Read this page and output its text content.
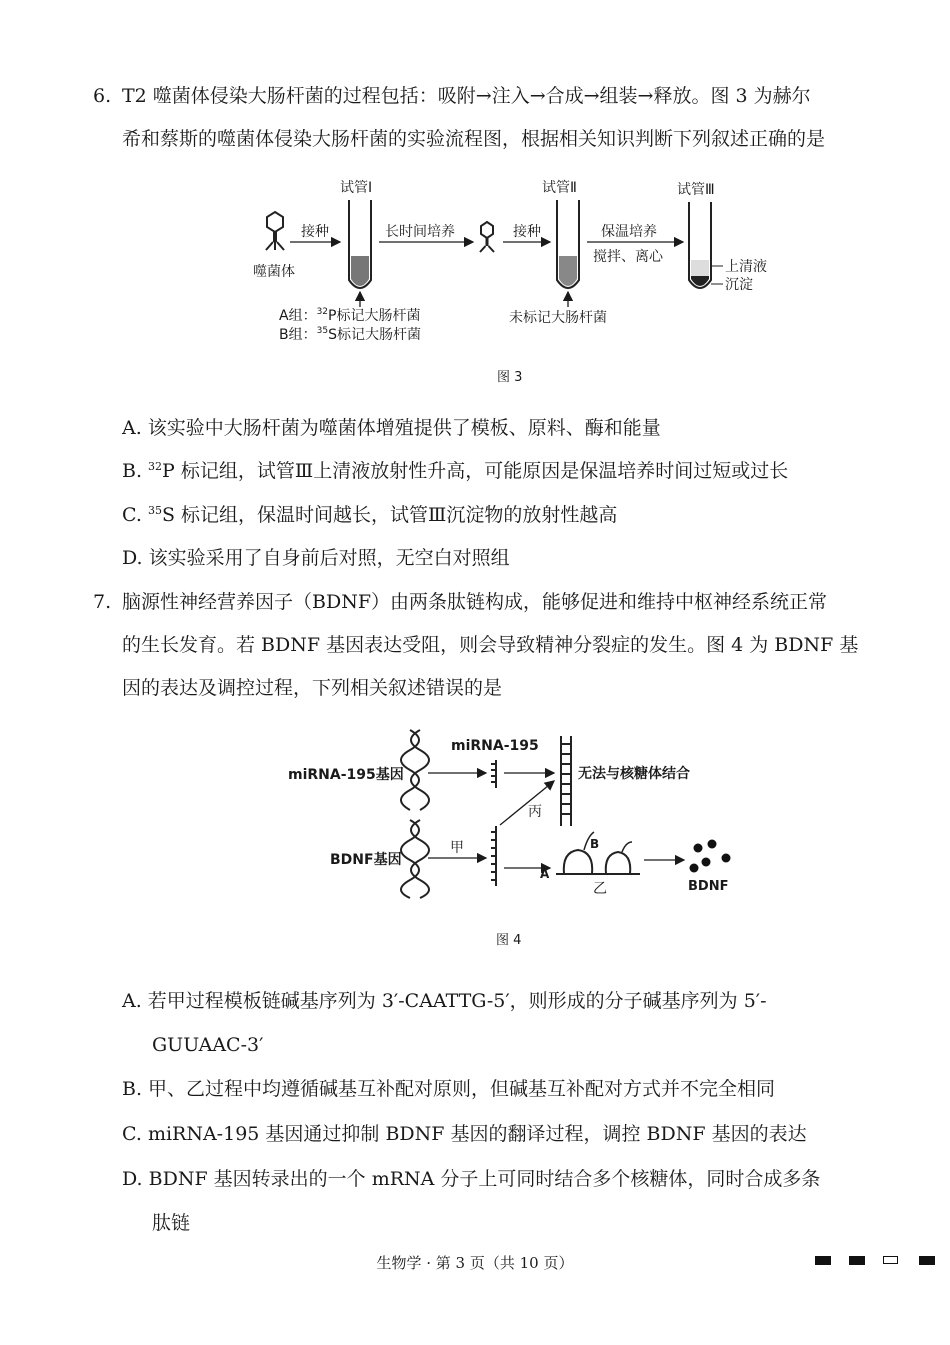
6. T2 噬菌体侵染大肠杆菌的过程包括：吸附→注入→合成→组装→释放。图 3 为赫尔
希和蔡斯的噬菌体侵染大肠杆菌的实验流程图，根据相关知识判断下列叙述正确的是
噬菌体
接种
试管Ⅰ
A组：$^{32}$P标记大肠杆菌
B组：$^{35}$S标记大肠杆菌
长时间培养	接种
试管Ⅱ
未标记大肠杆菌
保温培养
搅拌、离心
试管Ⅲ
上清液
沉淀
图 3
A. 该实验中大肠杆菌为噬菌体增殖提供了模板、原料、酶和能量
B. $^{32}$P 标记组，试管Ⅲ上清液放射性升高，可能原因是保温培养时间过短或过长
C. $^{35}$S 标记组，保温时间越长，试管Ⅲ沉淀物的放射性越高
D. 该实验采用了自身前后对照，无空白对照组
7. 脑源性神经营养因子（BDNF）由两条肽链构成，能够促进和维持中枢神经系统正常
的生长发育。若 BDNF 基因表达受阻，则会导致精神分裂症的发生。图 4 为 BDNF 基
因的表达及调控过程，下列相关叙述错误的是
miRNA-195基因
miRNA-195
无法与核糖体结合
丙
BDNF基因
甲
A
B
乙	BDNF
图 4
A. 若甲过程模板链碱基序列为 3′-CAATTG-5′，则形成的分子碱基序列为 5′-
GUUAAC-3′
B. 甲、乙过程中均遵循碱基互补配对原则，但碱基互补配对方式并不完全相同
C. miRNA-195 基因通过抑制 BDNF 基因的翻译过程，调控 BDNF 基因的表达
D. BDNF 基因转录出的一个 mRNA 分子上可同时结合多个核糖体，同时合成多条
肽链
生物学 · 第 3 页（共 10 页）
